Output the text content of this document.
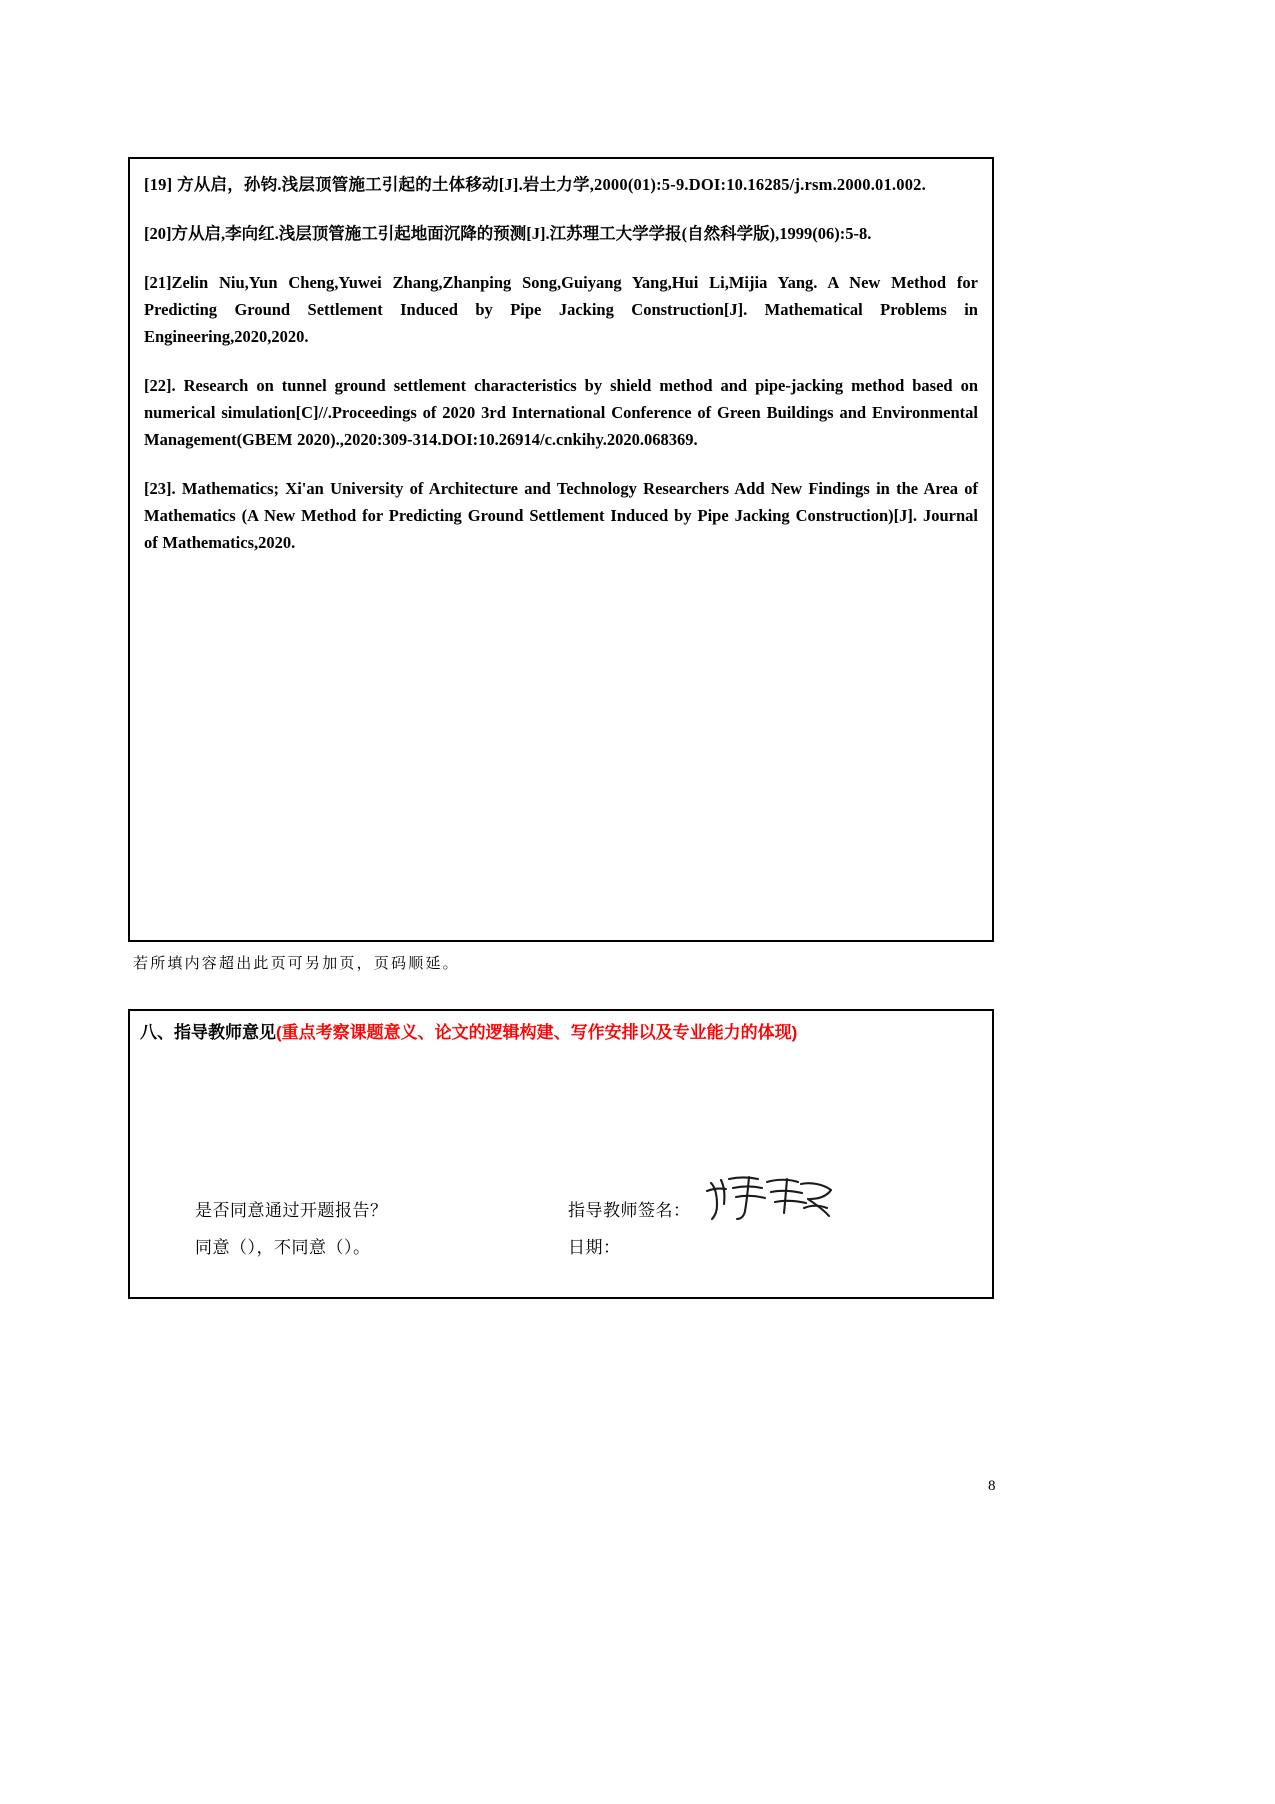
[19] 方从启，孙钧.浅层顶管施工引起的土体移动[J].岩土力学,2000(01):5-9.DOI:10.16285/j.rsm.2000.01.002.

[20]方从启,李向红.浅层顶管施工引起地面沉降的预测[J].江苏理工大学学报(自然科学版),1999(06):5-8.

[21]Zelin Niu,Yun Cheng,Yuwei Zhang,Zhanping Song,Guiyang Yang,Hui Li,Mijia Yang. A New Method for Predicting Ground Settlement Induced by Pipe Jacking Construction[J]. Mathematical Problems in Engineering,2020,2020.

[22]. Research on tunnel ground settlement characteristics by shield method and pipe-jacking method based on numerical simulation[C]//.Proceedings of 2020 3rd International Conference of Green Buildings and Environmental Management(GBEM 2020).,2020:309-314.DOI:10.26914/c.cnkihy.2020.068369.

[23]. Mathematics; Xi'an University of Architecture and Technology Researchers Add New Findings in the Area of Mathematics (A New Method for Predicting Ground Settlement Induced by Pipe Jacking Construction)[J]. Journal of Mathematics,2020.

若所填内容超出此页可另加页，页码顺延。
八、指导教师意见(重点考察课题意义、论文的逻辑构建、写作安排以及专业能力的体现)
是否同意通过开题报告？
同意（），不同意（）。
指导教师签名：
日期：
8
